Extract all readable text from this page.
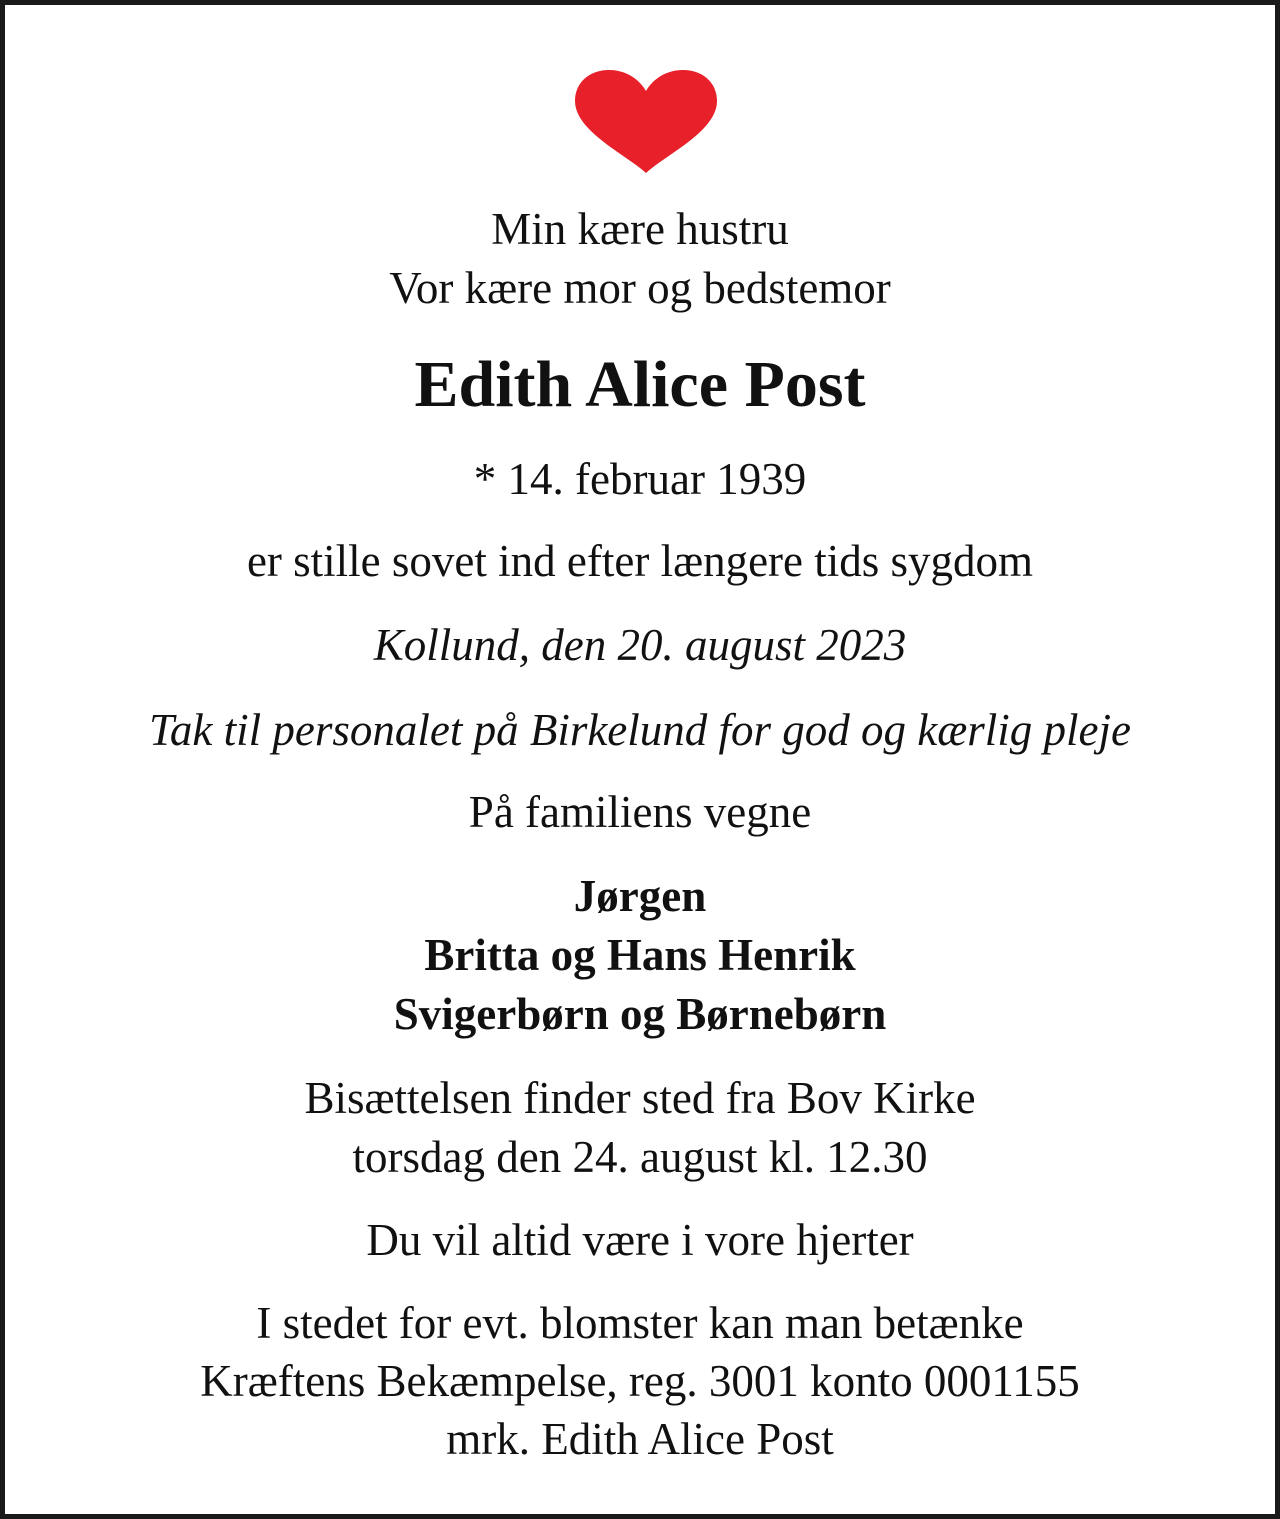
Min kære hustru

Vor kære mor og bedstemor

Edith Alice Post

* 14. februar 1939

er stille sovet ind efter længere tids sygdom

Kollund, den 20. august 2023

Tak til personalet på Birkelund for god og kærlig pleje

På familiens vegne

Jørgen

Britta og Hans Henrik

Svigerbørn og Børnebørn

Bisættelsen finder sted fra Bov Kirke

torsdag den 24. august kl. 12.30

Du vil altid være i vore hjerter

I stedet for evt. blomster kan man betænke

Kræftens Bekæmpelse, reg. 3001 konto 0001155

mrk. Edith Alice Post
